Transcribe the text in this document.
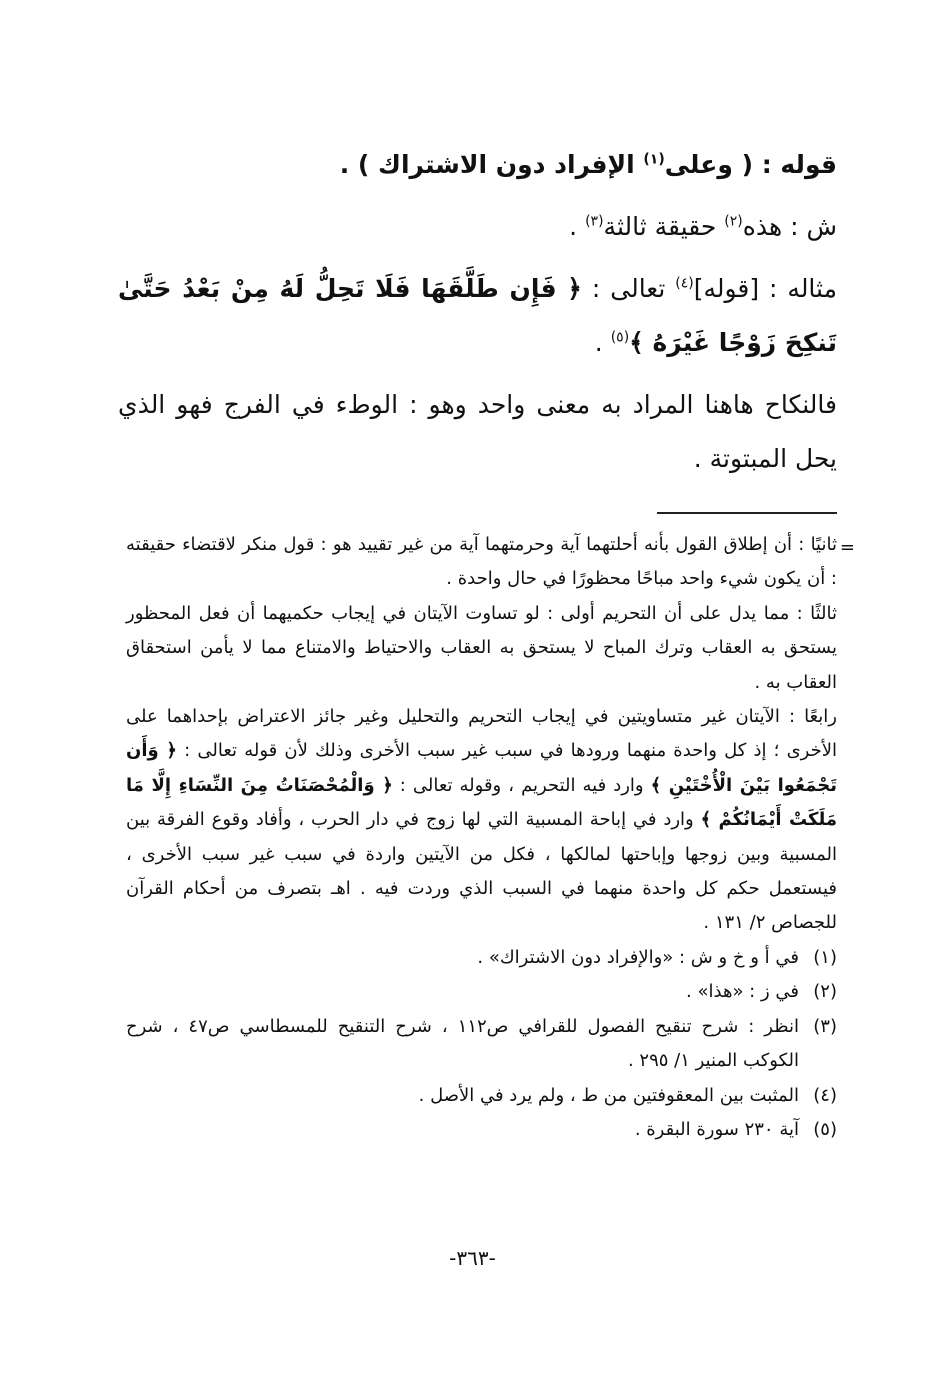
قوله : ( وعلى$^{(١)}$ الإفراد دون الاشتراك ) .

ش : هذه$^{(٢)}$ حقيقة ثالثة$^{(٣)}$ .

مثاله : [قوله]$^{(٤)}$ تعالى : ﴿ فَإِن طَلَّقَهَا فَلَا تَحِلُّ لَهُ مِنْ بَعْدُ حَتَّىٰ تَنكِحَ زَوْجًا غَيْرَهُ ﴾$^{(٥)}$ .

فالنكاح هاهنا المراد به معنى واحد وهو : الوطء في الفرج فهو الذي يحل المبتوتة .

=

ثانيًا : أن إطلاق القول بأنه أحلتهما آية وحرمتهما آية من غير تقييد هو : قول منكر لاقتضاء حقيقته : أن يكون شيء واحد مباحًا محظورًا في حال واحدة .

ثالثًا : مما يدل على أن التحريم أولى : لو تساوت الآيتان في إيجاب حكميهما أن فعل المحظور يستحق به العقاب وترك المباح لا يستحق به العقاب والاحتياط والامتناع مما لا يأمن استحقاق العقاب به .

رابعًا : الآيتان غير متساويتين في إيجاب التحريم والتحليل وغير جائز الاعتراض بإحداهما على الأخرى ؛ إذ كل واحدة منهما ورودها في سبب غير سبب الأخرى وذلك لأن قوله تعالى : ﴿ وَأَن تَجْمَعُوا بَيْنَ الْأُخْتَيْنِ ﴾ وارد فيه التحريم ، وقوله تعالى : ﴿ وَالْمُحْصَنَاتُ مِنَ النِّسَاءِ إِلَّا مَا مَلَكَتْ أَيْمَانُكُمْ ﴾ وارد في إباحة المسبية التي لها زوج في دار الحرب ، وأفاد وقوع الفرقة بين المسبية وبين زوجها وإباحتها لمالكها ، فكل من الآيتين واردة في سبب غير سبب الأخرى ، فيستعمل حكم كل واحدة منهما في السبب الذي وردت فيه . اهـ بتصرف من أحكام القرآن للجصاص ٢/ ١٣١ .

(١)
في أ و خ و ش : «والإفراد دون الاشتراك» .
(٢)
في ز : «هذا» .
(٣)
انظر : شرح تنقيح الفصول للقرافي ص١١٢ ، شرح التنقيح للمسطاسي ص٤٧ ، شرح الكوكب المنير ١/ ٢٩٥ .
(٤)
المثبت بين المعقوفتين من ط ، ولم يرد في الأصل .
(٥)
آية ٢٣٠ سورة البقرة .
-٣٦٣-
